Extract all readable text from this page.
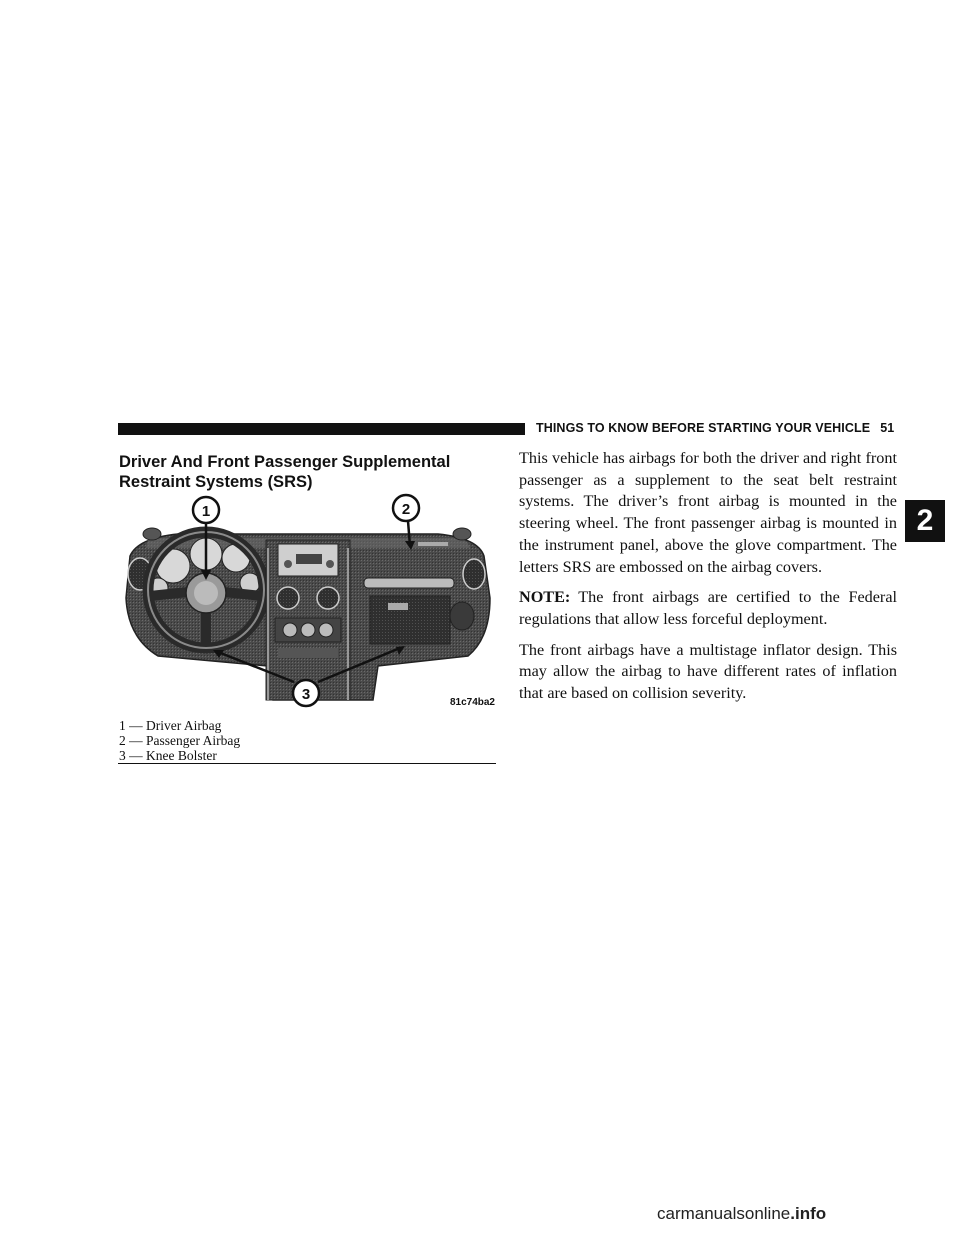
THINGS TO KNOW BEFORE STARTING YOUR VEHICLE 51
2
Driver And Front Passenger Supplemental Restraint Systems (SRS)
1	2
3	81c74ba2
1 — Driver Airbag
2 — Passenger Airbag
3 — Knee Bolster

This vehicle has airbags for both the driver and right front passenger as a supplement to the seat belt restraint systems. The driver’s front airbag is mounted in the steering wheel. The front passenger airbag is mounted in the instrument panel, above the glove compartment. The letters SRS are embossed on the airbag covers.

NOTE: The front airbags are certified to the Federal regulations that allow less forceful deployment.

The front airbags have a multistage inflator design. This may allow the airbag to have different rates of inflation that are based on collision severity.

carmanualsonline.info
